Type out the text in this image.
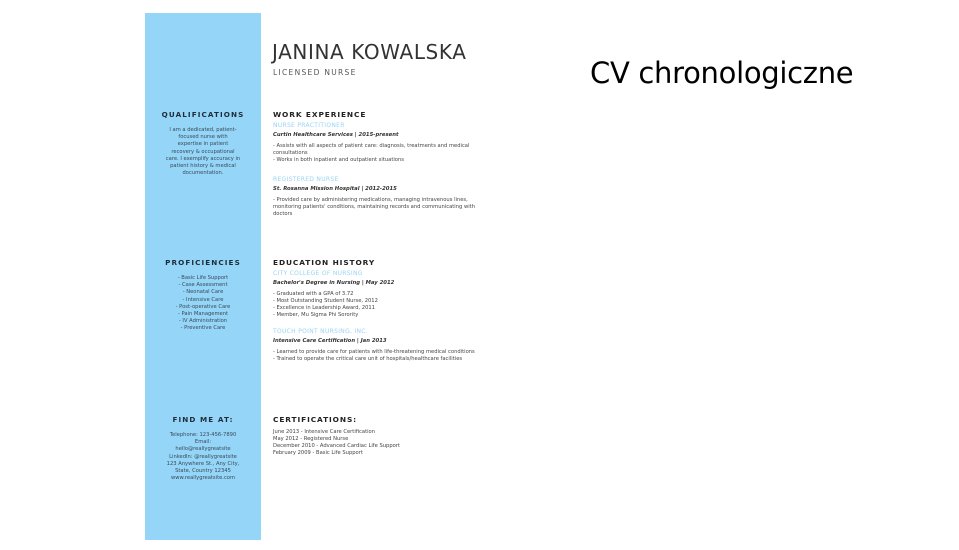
CV chronologiczne
QUALIFICATIONS
I am a dedicated, patient-
focused nurse with
expertise in patient
recovery & occupational
care. I exemplify accuracy in
patient history & medical
documentation.
PROFICIENCIES
- Basic Life Support
- Case Assessment
- Neonatal Care
- Intensive Care
- Post-operative Care
- Pain Management
- IV Administration
- Preventive Care
FIND ME AT:
Telephone: 123-456-7890
Email:
hello@reallygreatsite
LinkedIn: @reallygreatsite
123 Anywhere St., Any City,
State, Country 12345
www.reallygreatsite.com
JANINA KOWALSKA
LICENSED NURSE
WORK EXPERIENCE
NURSE PRACTITIONER
Curtin Healthcare Services | 2015-present
- Assists with all aspects of patient care: diagnosis, treatments and medical
consultations
- Works in both inpatient and outpatient situations
REGISTERED NURSE
St. Rosanna Mission Hospital | 2012-2015
- Provided care by administering medications, managing intravenous lines,
monitoring patients' conditions, maintaining records and communicating with
doctors
EDUCATION HISTORY
CITY COLLEGE OF NURSING
Bachelor's Degree in Nursing | May 2012
- Graduated with a GPA of 3.72
- Most Outstanding Student Nurse, 2012
- Excellence in Leadership Award, 2011
- Member, Mu Sigma Phi Sorority
TOUCH POINT NURSING, INC.
Intensive Care Certification | Jan 2013
- Learned to provide care for patients with life-threatening medical conditions
- Trained to operate the critical care unit of hospitals/healthcare facilities
CERTIFICATIONS:
June 2013 - Intensive Care Certification
May 2012 - Registered Nurse
December 2010 - Advanced Cardiac Life Support
February 2009 - Basic Life Support
